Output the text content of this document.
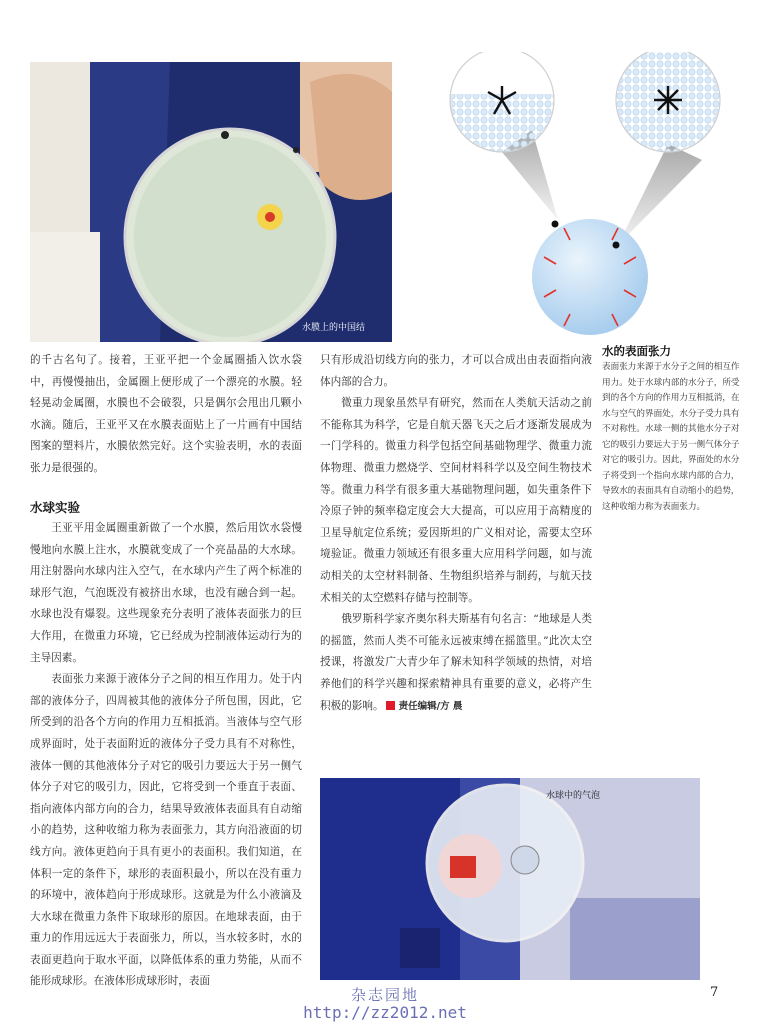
水膜上的中国结
水的表面张力
表面张力来源于水分子之间的相互作用力。处于水球内部的水分子，所受到的各个方向的作用力互相抵消，在水与空气的界面处，水分子受力具有不对称性。水球一侧的其他水分子对它的吸引力要远大于另一侧气体分子对它的吸引力。因此，界面处的水分子将受到一个指向水球内部的合力，导致水的表面具有自动缩小的趋势，这种收缩力称为表面张力。

的千古名句了。接着，王亚平把一个金属圈插入饮水袋中，再慢慢抽出，金属圈上便形成了一个漂亮的水膜。轻轻晃动金属圈，水膜也不会破裂，只是偶尔会甩出几颗小水滴。随后，王亚平又在水膜表面贴上了一片画有中国结图案的塑料片，水膜依然完好。这个实验表明，水的表面张力是很强的。

水球实验

王亚平用金属圈重新做了一个水膜，然后用饮水袋慢慢地向水膜上注水，水膜就变成了一个亮晶晶的大水球。用注射器向水球内注入空气，在水球内产生了两个标准的球形气泡，气泡既没有被挤出水球，也没有融合到一起。水球也没有爆裂。这些现象充分表明了液体表面张力的巨大作用，在微重力环境，它已经成为控制液体运动行为的主导因素。

表面张力来源于液体分子之间的相互作用力。处于内部的液体分子，四周被其他的液体分子所包围，因此，它所受到的沿各个方向的作用力互相抵消。当液体与空气形成界面时，处于表面附近的液体分子受力具有不对称性，液体一侧的其他液体分子对它的吸引力要远大于另一侧气体分子对它的吸引力，因此，它将受到一个垂直于表面、指向液体内部方向的合力，结果导致液体表面具有自动缩小的趋势，这种收缩力称为表面张力，其方向沿液面的切线方向。液体更趋向于具有更小的表面积。我们知道，在体积一定的条件下，球形的表面积最小，所以在没有重力的环境中，液体趋向于形成球形。这就是为什么小液滴及大水球在微重力条件下取球形的原因。在地球表面，由于重力的作用远远大于表面张力，所以，当水较多时，水的表面更趋向于取水平面，以降低体系的重力势能，从而不能形成球形。在液体形成球形时，表面

只有形成沿切线方向的张力，才可以合成出由表面指向液体内部的合力。

微重力现象虽然早有研究，然而在人类航天活动之前不能称其为科学，它是自航天器飞天之后才逐渐发展成为一门学科的。微重力科学包括空间基础物理学、微重力流体物理、微重力燃烧学、空间材料科学以及空间生物技术等。微重力科学有很多重大基础物理问题，如失重条件下冷原子钟的频率稳定度会大大提高，可以应用于高精度的卫星导航定位系统；爱因斯坦的广义相对论，需要太空环境验证。微重力领域还有很多重大应用科学问题，如与流动相关的太空材料制备、生物组织培养与制药，与航天技术相关的太空燃料存储与控制等。

俄罗斯科学家齐奥尔科夫斯基有句名言：“地球是人类的摇篮，然而人类不可能永远被束缚在摇篮里。”此次太空授课，将激发广大青少年了解未知科学领域的热情，对培养他们的科学兴趣和探索精神具有重要的意义，必将产生积极的影响。 责任编辑/方 晨

水球中的气泡
7
杂志园地
http://zz2012.net
